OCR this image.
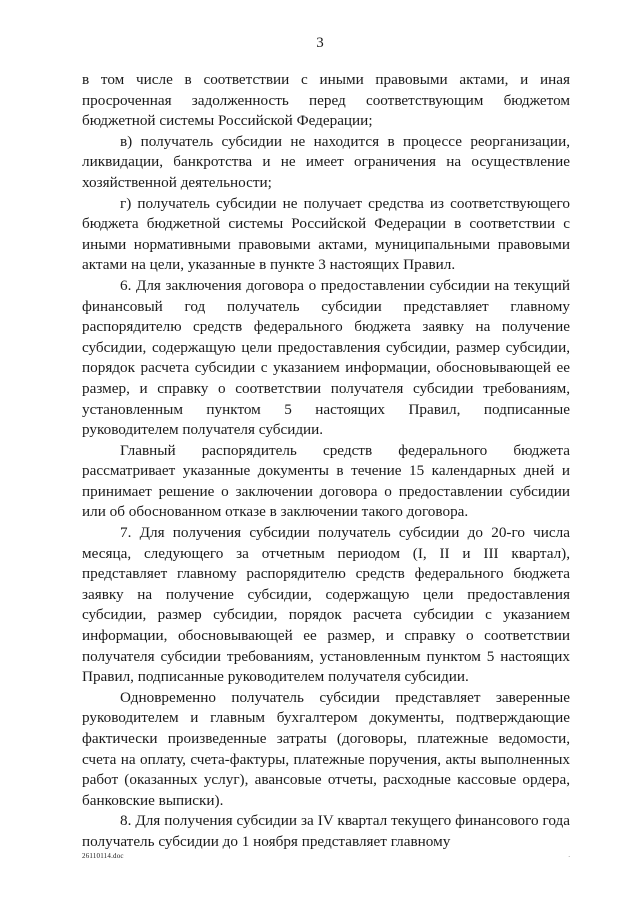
3

в том числе в соответствии с иными правовыми актами, и иная просроченная задолженность перед соответствующим бюджетом бюджетной системы Российской Федерации;

в) получатель субсидии не находится в процессе реорганизации, ликвидации, банкротства и не имеет ограничения на осуществление хозяйственной деятельности;

г) получатель субсидии не получает средства из соответствующего бюджета бюджетной системы Российской Федерации в соответствии с иными нормативными правовыми актами, муниципальными правовыми актами на цели, указанные в пункте 3 настоящих Правил.

6. Для заключения договора о предоставлении субсидии на текущий финансовый год получатель субсидии представляет главному распорядителю средств федерального бюджета заявку на получение субсидии, содержащую цели предоставления субсидии, размер субсидии, порядок расчета субсидии с указанием информации, обосновывающей ее размер, и справку о соответствии получателя субсидии требованиям, установленным пунктом 5 настоящих Правил, подписанные руководителем получателя субсидии.

Главный распорядитель средств федерального бюджета рассматривает указанные документы в течение 15 календарных дней и принимает решение о заключении договора о предоставлении субсидии или об обоснованном отказе в заключении такого договора.

7. Для получения субсидии получатель субсидии до 20-го числа месяца, следующего за отчетным периодом (I, II и III квартал), представляет главному распорядителю средств федерального бюджета заявку на получение субсидии, содержащую цели предоставления субсидии, размер субсидии, порядок расчета субсидии с указанием информации, обосновывающей ее размер, и справку о соответствии получателя субсидии требованиям, установленным пунктом 5 настоящих Правил, подписанные руководителем получателя субсидии.

Одновременно получатель субсидии представляет заверенные руководителем и главным бухгалтером документы, подтверждающие фактически произведенные затраты (договоры, платежные ведомости, счета на оплату, счета-фактуры, платежные поручения, акты выполненных работ (оказанных услуг), авансовые отчеты, расходные кассовые ордера, банковские выписки).

8. Для получения субсидии за IV квартал текущего финансового года получатель субсидии до 1 ноября представляет главному

26110114.doc	·
